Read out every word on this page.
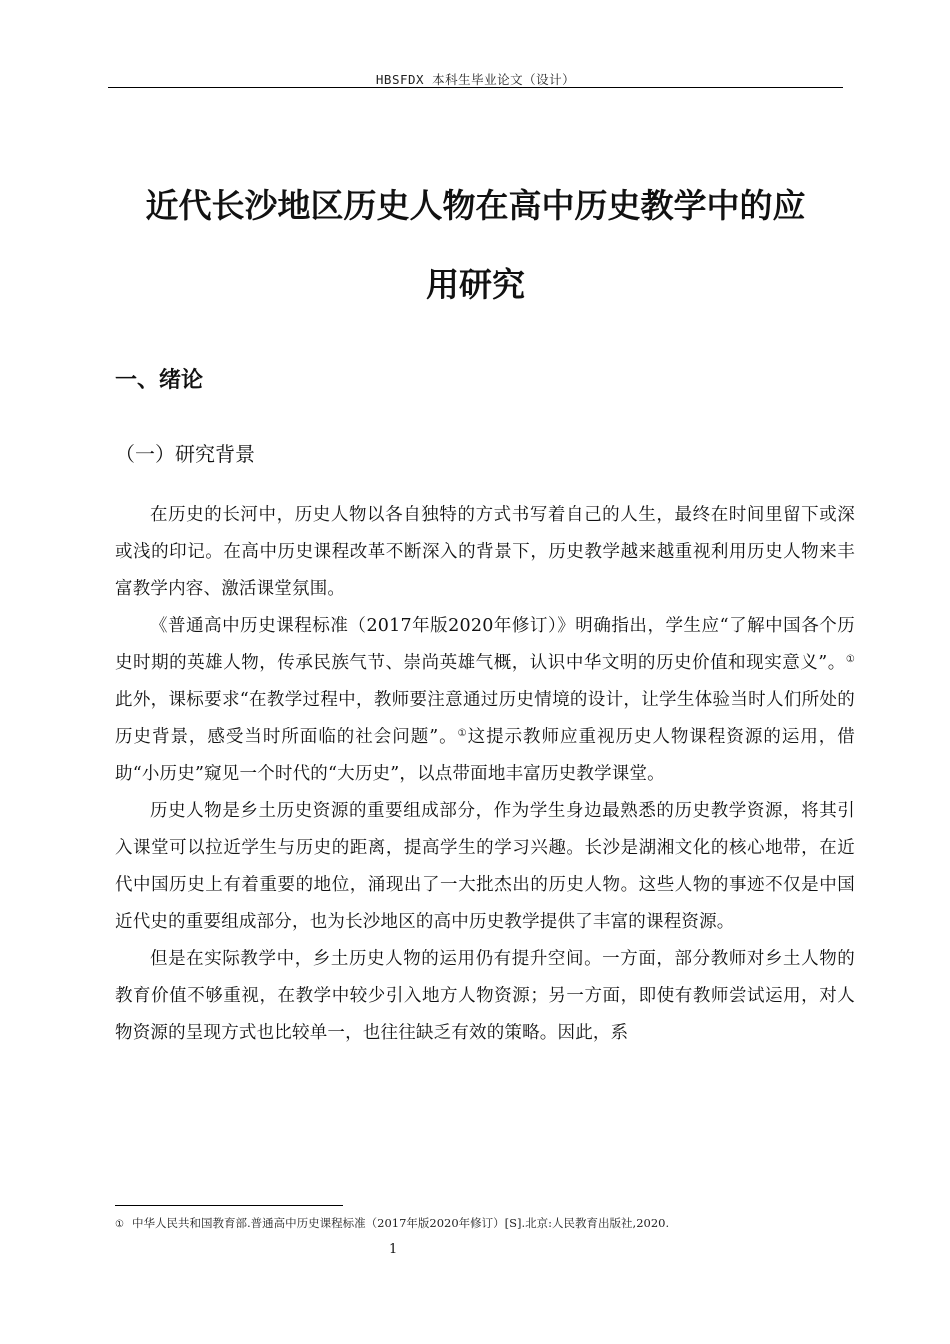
HBSFDX 本科生毕业论文（设计）
近代长沙地区历史人物在高中历史教学中的应
用研究
一、绪论
（一）研究背景

在历史的长河中，历史人物以各自独特的方式书写着自己的人生，最终在时间里留下或深或浅的印记。在高中历史课程改革不断深入的背景下，历史教学越来越重视利用历史人物来丰富教学内容、激活课堂氛围。

《普通高中历史课程标准（2017年版2020年修订）》明确指出，学生应“了解中国各个历史时期的英雄人物，传承民族气节、崇尚英雄气概，认识中华文明的历史价值和现实意义”。①此外，课标要求“在教学过程中，教师要注意通过历史情境的设计，让学生体验当时人们所处的历史背景，感受当时所面临的社会问题”。①这提示教师应重视历史人物课程资源的运用，借助“小历史”窥见一个时代的“大历史”，以点带面地丰富历史教学课堂。

历史人物是乡土历史资源的重要组成部分，作为学生身边最熟悉的历史教学资源，将其引入课堂可以拉近学生与历史的距离，提高学生的学习兴趣。长沙是湖湘文化的核心地带，在近代中国历史上有着重要的地位，涌现出了一大批杰出的历史人物。这些人物的事迹不仅是中国近代史的重要组成部分，也为长沙地区的高中历史教学提供了丰富的课程资源。

但是在实际教学中，乡土历史人物的运用仍有提升空间。一方面，部分教师对乡土人物的教育价值不够重视，在教学中较少引入地方人物资源；另一方面，即使有教师尝试运用，对人物资源的呈现方式也比较单一，也往往缺乏有效的策略。因此，系

① 中华人民共和国教育部.普通高中历史课程标准（2017年版2020年修订）[S].北京:人民教育出版社,2020.
1
